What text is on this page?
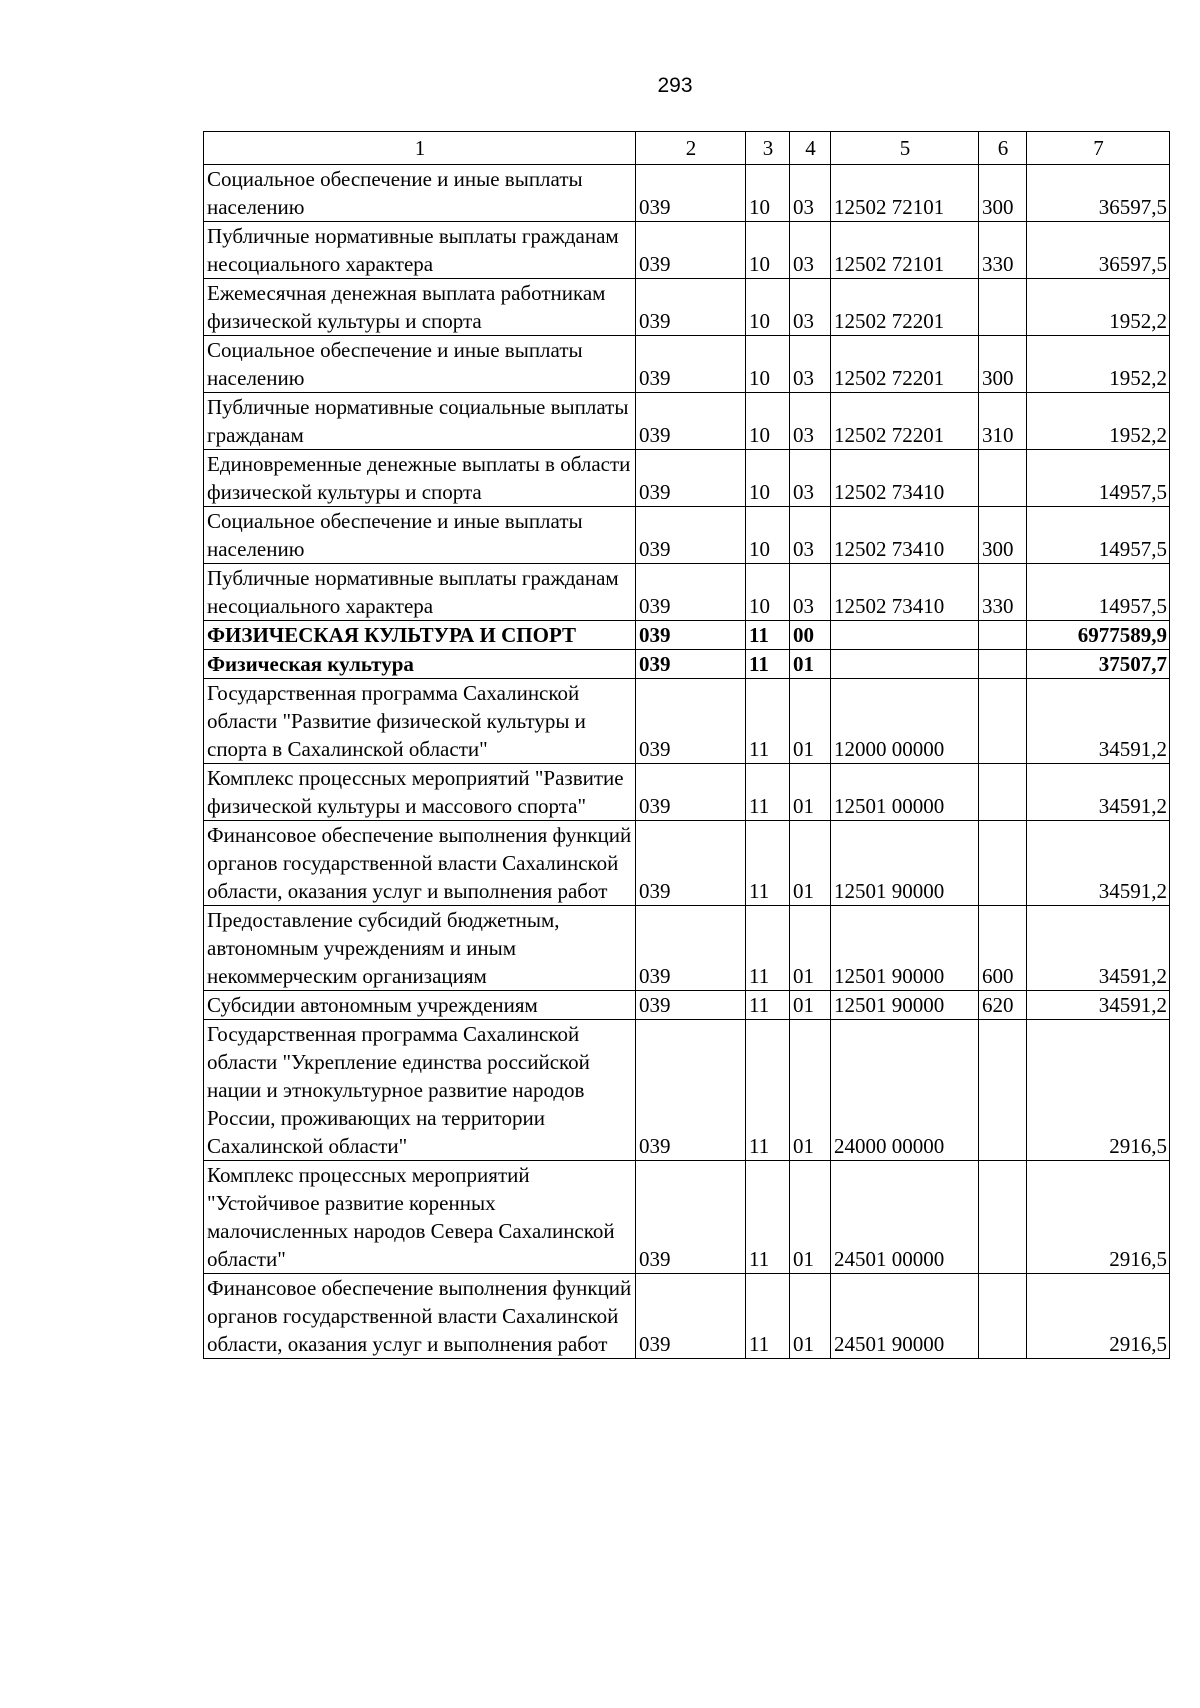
293
1	2	3	4	5	6	7
Социальное обеспечение и иные выплаты населению	039	10	03	12502 72101	300	36597,5
Публичные нормативные выплаты гражданам несоциального характера	039	10	03	12502 72101	330	36597,5
Ежемесячная денежная выплата работникам физической культуры и спорта	039	10	03	12502 72201		1952,2
Социальное обеспечение и иные выплаты населению	039	10	03	12502 72201	300	1952,2
Публичные нормативные социальные выплаты гражданам	039	10	03	12502 72201	310	1952,2
Единовременные денежные выплаты в области физической культуры и спорта	039	10	03	12502 73410		14957,5
Социальное обеспечение и иные выплаты населению	039	10	03	12502 73410	300	14957,5
Публичные нормативные выплаты гражданам несоциального характера	039	10	03	12502 73410	330	14957,5
ФИЗИЧЕСКАЯ КУЛЬТУРА И СПОРТ	039	11	00			6977589,9
Физическая культура	039	11	01			37507,7
Государственная программа Сахалинской области "Развитие физической культуры и спорта в Сахалинской области"	039	11	01	12000 00000		34591,2
Комплекс процессных мероприятий "Развитие физической культуры и массового спорта"	039	11	01	12501 00000		34591,2
Финансовое обеспечение выполнения функций органов государственной власти Сахалинской области, оказания услуг и выполнения работ	039	11	01	12501 90000		34591,2
Предоставление субсидий бюджетным, автономным учреждениям и иным некоммерческим организациям	039	11	01	12501 90000	600	34591,2
Субсидии автономным учреждениям	039	11	01	12501 90000	620	34591,2
Государственная программа Сахалинской области "Укрепление единства российской нации и этнокультурное развитие народов России, проживающих на территории Сахалинской области"	039	11	01	24000 00000		2916,5
Комплекс процессных мероприятий "Устойчивое развитие коренных малочисленных народов Севера Сахалинской области"	039	11	01	24501 00000		2916,5
Финансовое обеспечение выполнения функций органов государственной власти Сахалинской области, оказания услуг и выполнения работ	039	11	01	24501 90000		2916,5
